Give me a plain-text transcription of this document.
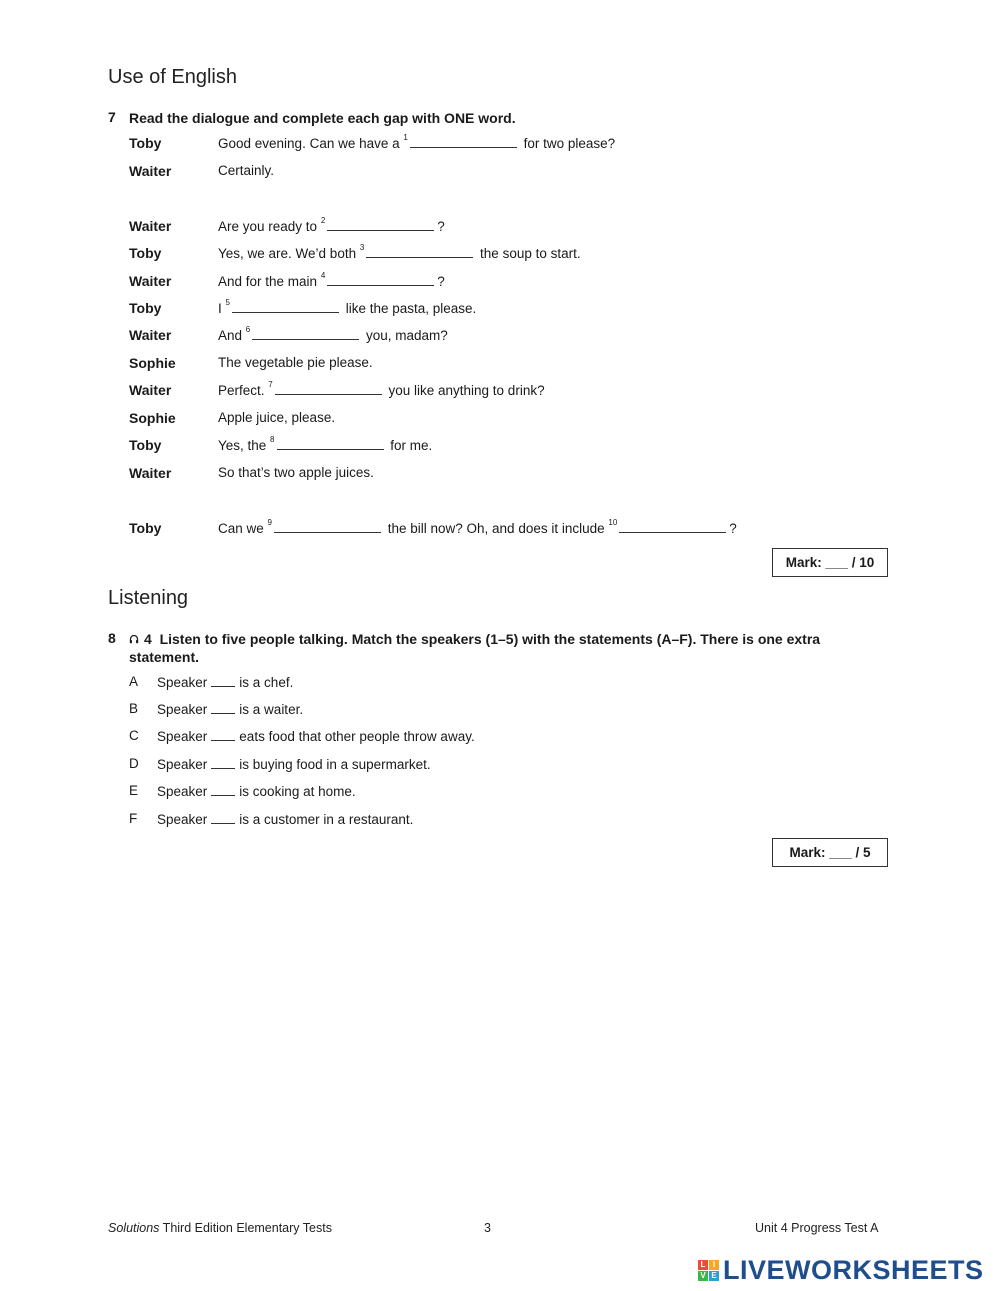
Use of English
7 Read the dialogue and complete each gap with ONE word.
Toby	Good evening. Can we have a $^1$	for two please?
Waiter	Certainly.
Waiter	Are you ready to $^2$	?
Toby	Yes, we are. We’d both $^3$	the soup to start.
Waiter	And for the main $^4$	?
Toby	I $^5$	like the pasta, please.
Waiter	And $^6$	you, madam?
Sophie	The vegetable pie please.
Waiter	Perfect. $^7$	you like anything to drink?
Sophie	Apple juice, please.
Toby	Yes, the $^8$	for me.
Waiter	So that’s two apple juices.
Toby	Can we $^9$	the bill now? Oh, and does it include $^{10}$	?
Mark: ___ / 10
Listening
8	4 Listen to five people talking. Match the speakers (1–5) with the statements (A–F). There is one extra statement.
A Speaker is a chef.
B Speaker is a waiter.
C Speaker eats food that other people throw away.
D Speaker is buying food in a supermarket.
E Speaker is cooking at home.
F Speaker is a customer in a restaurant.
Mark: ___ / 5
Solutions Third Edition Elementary Tests	3	Unit 4 Progress Test A
L I
V E LIVEWORKSHEETS
